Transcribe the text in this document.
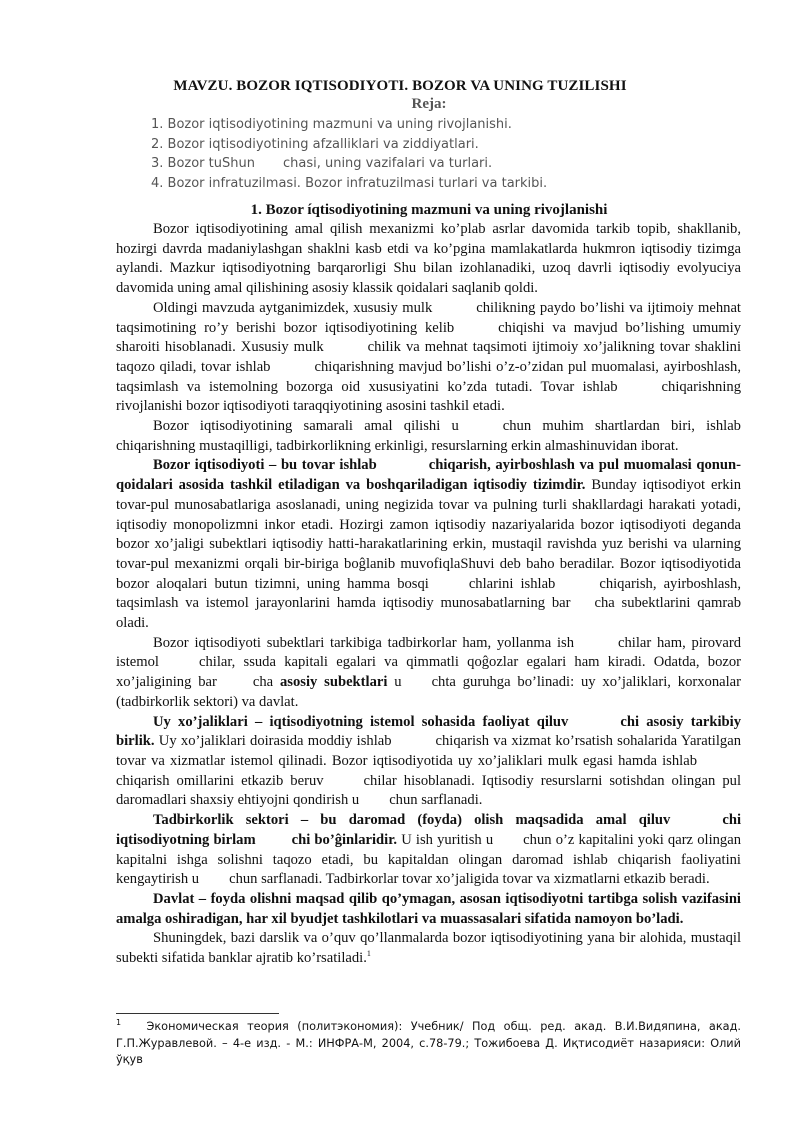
MAVZU. BOZOR IQTISODIYOTI. BOZOR VA UNING TUZILISHI
Reja:
1. Bozor iqtisodiyotining mazmuni va uning rivojlanishi.
2. Bozor iqtisodiyotining afzalliklari va ziddiyatlari.
3. Bozor tuShun chasi, uning vazifalari va turlari.
4. Bozor infratuzilmasi. Bozor infratuzilmasi turlari va tarkibi.
1. Bozor íqtisodiyotining mazmuni va uning rivojlanishi

Bozor iqtisodiyotining amal qilish mexanizmi ko’plab asrlar davomida tarkib topib, shakllanib, hozirgi davrda madaniylashgan shaklni kasb etdi va ko’pgina mamlakatlarda hukmron iqtisodiy tizimga aylandi. Mazkur iqtisodiyotning barqarorligi Shu bilan izohlanadiki, uzoq davrli iqtisodiy evolyuciya davomida uning amal qilishining asosiy klassik qoidalari saqlanib qoldi.

Oldingi mavzuda aytganimizdek, xususiy mulk	chilikning paydo bo’lishi va ijtimoiy mehnat taqsimotining ro’y berishi bozor iqtisodiyotining kelib	chiqishi va mavjud bo’lishing umumiy sharoiti hisoblanadi. Xususiy mulk	chilik va mehnat taqsimoti ijtimoiy xo’jalikning tovar shaklini taqozo qiladi, tovar ishlab	chiqarishning mavjud bo’lishi o’z-o’zidan pul muomalasi, ayirboshlash, taqsimlash va istemolning bozorga oid xususiyatini ko’zda tutadi. Tovar ishlab	chiqarishning rivojlanishi bozor iqtisodiyoti taraqqiyotining asosini tashkil etadi.

Bozor iqtisodiyotining samarali amal qilishi u	chun muhim shartlardan biri, ishlab chiqarishning mustaqilligi, tadbirkorlikning erkinligi, resurslarning erkin almashinuvidan iborat.

Bozor iqtisodiyoti – bu tovar ishlab	chiqarish, ayirboshlash va pul muomalasi qonun-qoidalari asosida tashkil etiladigan va boshqariladigan iqtisodiy tizimdir. Bunday iqtisodiyot erkin tovar-pul munosabatlariga asoslanadi, uning negizida tovar va pulning turli shakllardagi harakati yotadi, iqtisodiy monopolizmni inkor etadi. Hozirgi zamon iqtisodiy nazariyalarida bozor iqtisodiyoti deganda bozor xo’jaligi subektlari iqtisodiy hatti-harakatlarining erkin, mustaqil ravishda yuz berishi va ularning tovar-pul mexanizmi orqali bir-biriga boĝlanib muvofiqlaShuvi deb baho beradilar. Bozor iqtisodiyotida bozor aloqalari butun tizimni, uning hamma bosqi	chlarini ishlab	chiqarish, ayirboshlash, taqsimlash va istemol jarayonlarini hamda iqtisodiy munosabatlarning bar cha subektlarini qamrab oladi.

Bozor iqtisodiyoti subektlari tarkibiga tadbirkorlar ham, yollanma ish	chilar ham, pirovard istemol	chilar, ssuda kapitali egalari va qimmatli qoĝozlar egalari ham kiradi. Odatda, bozor xo’jaligining bar cha asosiy subektlari u chta guruhga bo’linadi: uy xo’jaliklari, korxonalar (tadbirkorlik sektori) va davlat.

Uy xo’jaliklari – iqtisodiyotning istemol sohasida faoliyat qiluv	chi asosiy tarkibiy birlik. Uy xo’jaliklari doirasida moddiy ishlab	chiqarish va xizmat ko’rsatish sohalarida Yaratilgan tovar va xizmatlar istemol qilinadi. Bozor iqtisodiyotida uy xo’jaliklari mulk egasi hamda ishlabchiqarish omillarini etkazib beruv	chilar hisoblanadi. Iqtisodiy resurslarni sotishdan olingan pul daromadlari shaxsiy ehtiyojni qondirish u chun sarflanadi.

Tadbirkorlik sektori – bu daromad (foyda) olish maqsadida amal qiluv	chi iqtisodiyotning birlam chi bo’ĝinlaridir. U ish yuritish u chun o’z kapitalini yoki qarz olingan kapitalni ishga solishni taqozo etadi, bu kapitaldan olingan daromad ishlab chiqarish faoliyatini kengaytirish u chun sarflanadi. Tadbirkorlar tovar xo’jaligida tovar va xizmatlarni etkazib beradi.

Davlat – foyda olishni maqsad qilib qo’ymagan, asosan iqtisodiyotni tartibga solish vazifasini amalga oshiradigan, har xil byudjet tashkilotlari va muassasalari sifatida namoyon bo’ladi.

Shuningdek, bazi darslik va o’quv qo’llanmalarda bozor iqtisodiyotining yana bir alohida, mustaqil subekti sifatida banklar ajratib ko’rsatiladi.$^1$

$^1$ Экономическая теория (политэкономия): Учебник/ Под общ. ред. акад. В.И.Видяпина, акад. Г.П.Журавлевой. – 4-е изд. - М.: ИНФРА-М, 2004, с.78-79.; Тожибоева Д. Иқтисодиёт назарияси: Олий ўқув
